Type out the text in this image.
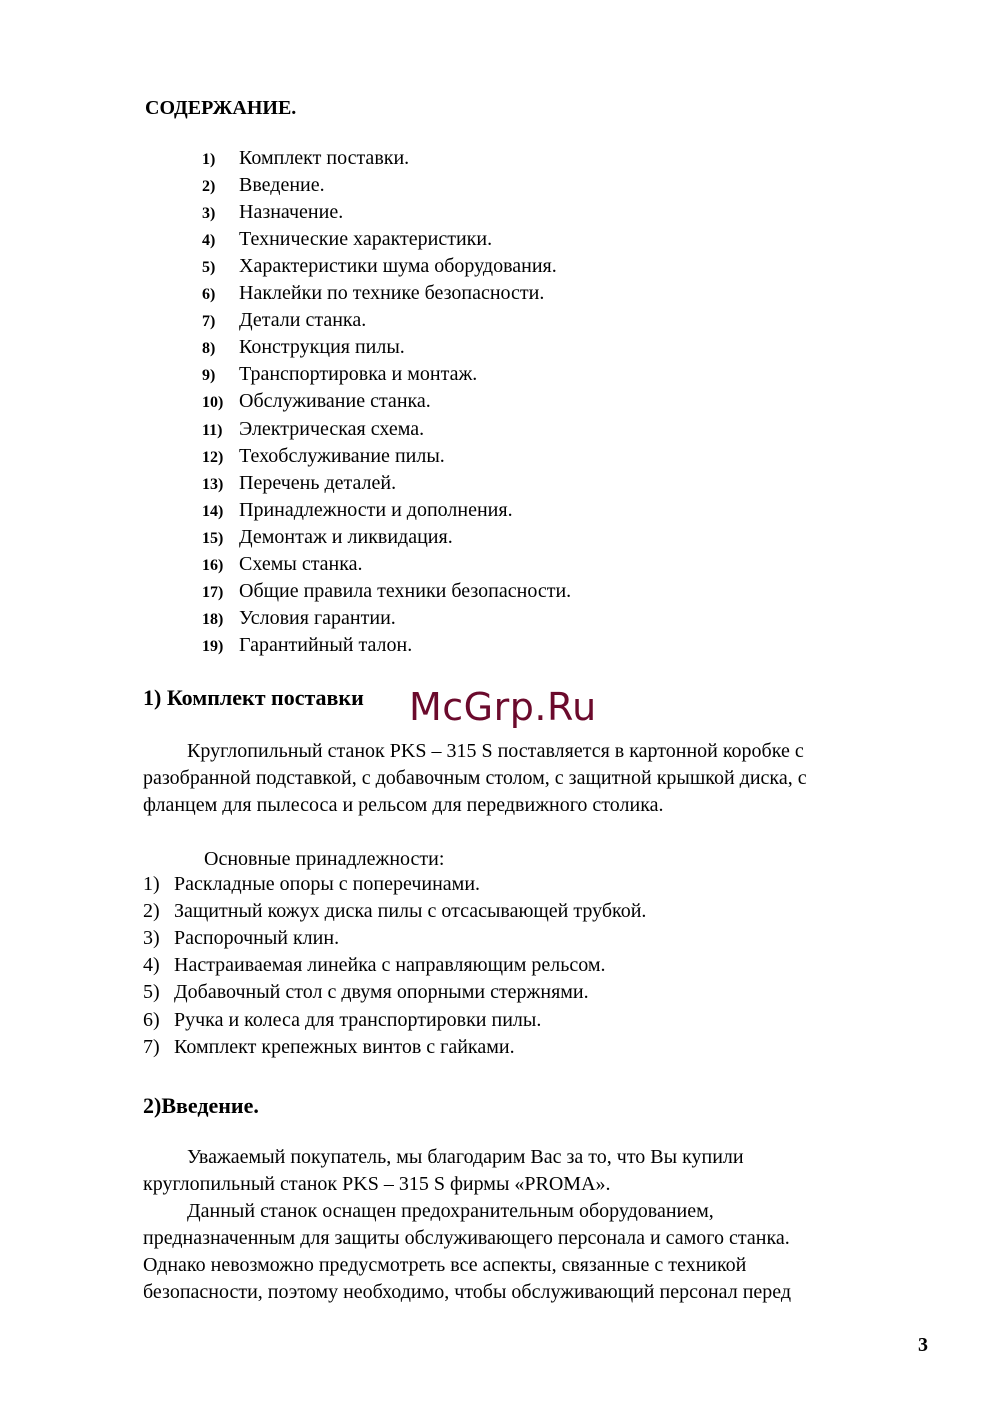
СОДЕРЖАНИЕ.
1) Комплект поставки.
2) Введение.
3) Назначение.
4) Технические характеристики.
5) Характеристики шума оборудования.
6) Наклейки по технике безопасности.
7) Детали станка.
8) Конструкция пилы.
9) Транспортировка и монтаж.
10) Обслуживание станка.
11) Электрическая схема.
12) Техобслуживание пилы.
13) Перечень деталей.
14) Принадлежности и дополнения.
15) Демонтаж и ликвидация.
16) Схемы станка.
17) Общие правила техники безопасности.
18) Условия гарантии.
19) Гарантийный талон.
1) Комплект поставки
Круглопильный станок PKS – 315 S поставляется в картонной коробке с
разобранной подставкой, с добавочным столом, с защитной крышкой диска, с
фланцем для пылесоса и рельсом для передвижного столика.
Основные принадлежности:
1) Раскладные опоры с поперечинами.
2) Защитный кожух диска пилы с отсасывающей трубкой.
3) Распорочный клин.
4) Настраиваемая линейка с направляющим рельсом.
5) Добавочный стол с двумя опорными стержнями.
6) Ручка и колеса для транспортировки пилы.
7) Комплект крепежных винтов с гайками.
2)Введение.
Уважаемый покупатель, мы благодарим Вас за то, что Вы купили
круглопильный станок PKS – 315 S фирмы «PROMA».
Данный станок оснащен предохранительным оборудованием,
предназначенным для защиты обслуживающего персонала и самого станка.
Однако невозможно предусмотреть все аспекты, связанные с техникой
безопасности, поэтому необходимо, чтобы обслуживающий персонал перед
McGrp.Ru
3
